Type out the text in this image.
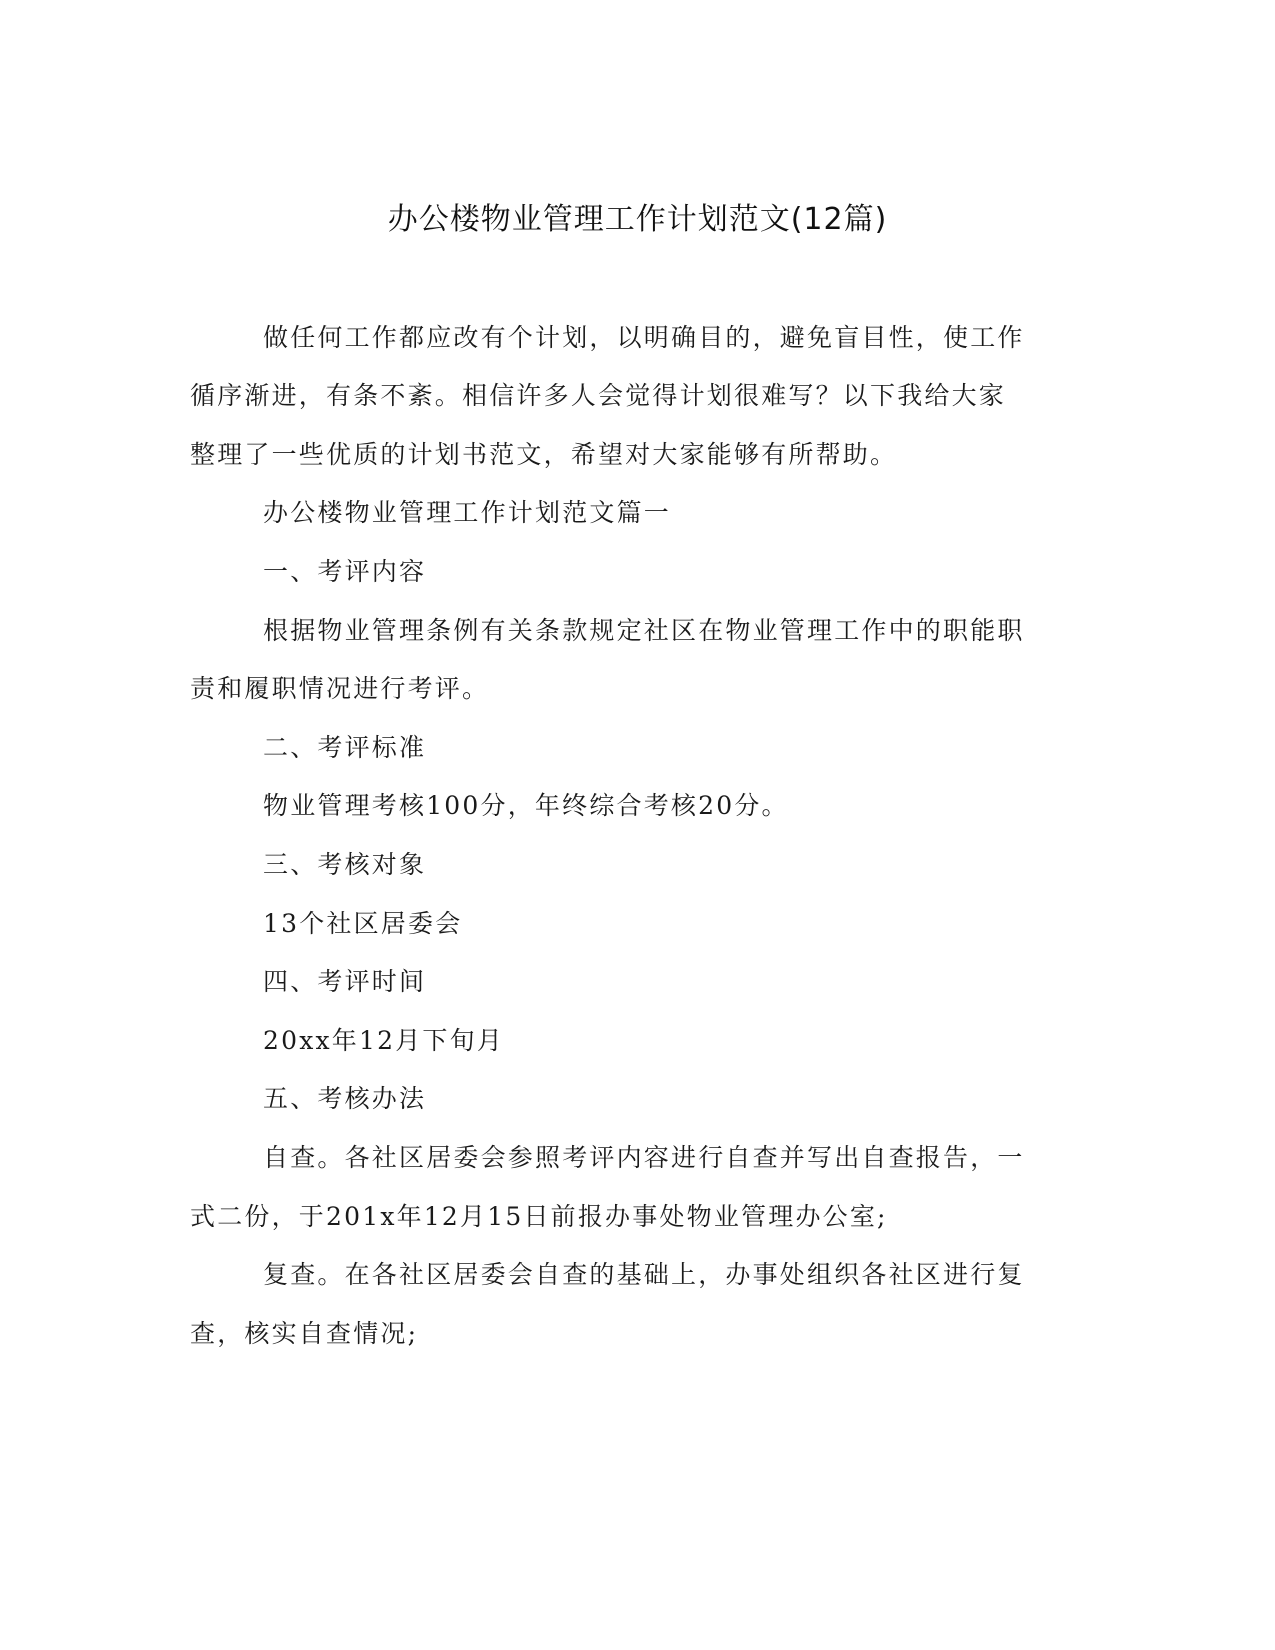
办公楼物业管理工作计划范文(12篇)
做任何工作都应改有个计划，以明确目的，避免盲目性，使工作
循序渐进，有条不紊。相信许多人会觉得计划很难写？以下我给大家
整理了一些优质的计划书范文，希望对大家能够有所帮助。
办公楼物业管理工作计划范文篇一
一、考评内容
根据物业管理条例有关条款规定社区在物业管理工作中的职能职
责和履职情况进行考评。
二、考评标准
物业管理考核100分，年终综合考核20分。
三、考核对象
13个社区居委会
四、考评时间
20xx年12月下旬月
五、考核办法
自查。各社区居委会参照考评内容进行自查并写出自查报告，一
式二份，于201x年12月15日前报办事处物业管理办公室;
复查。在各社区居委会自查的基础上，办事处组织各社区进行复
查，核实自查情况;
